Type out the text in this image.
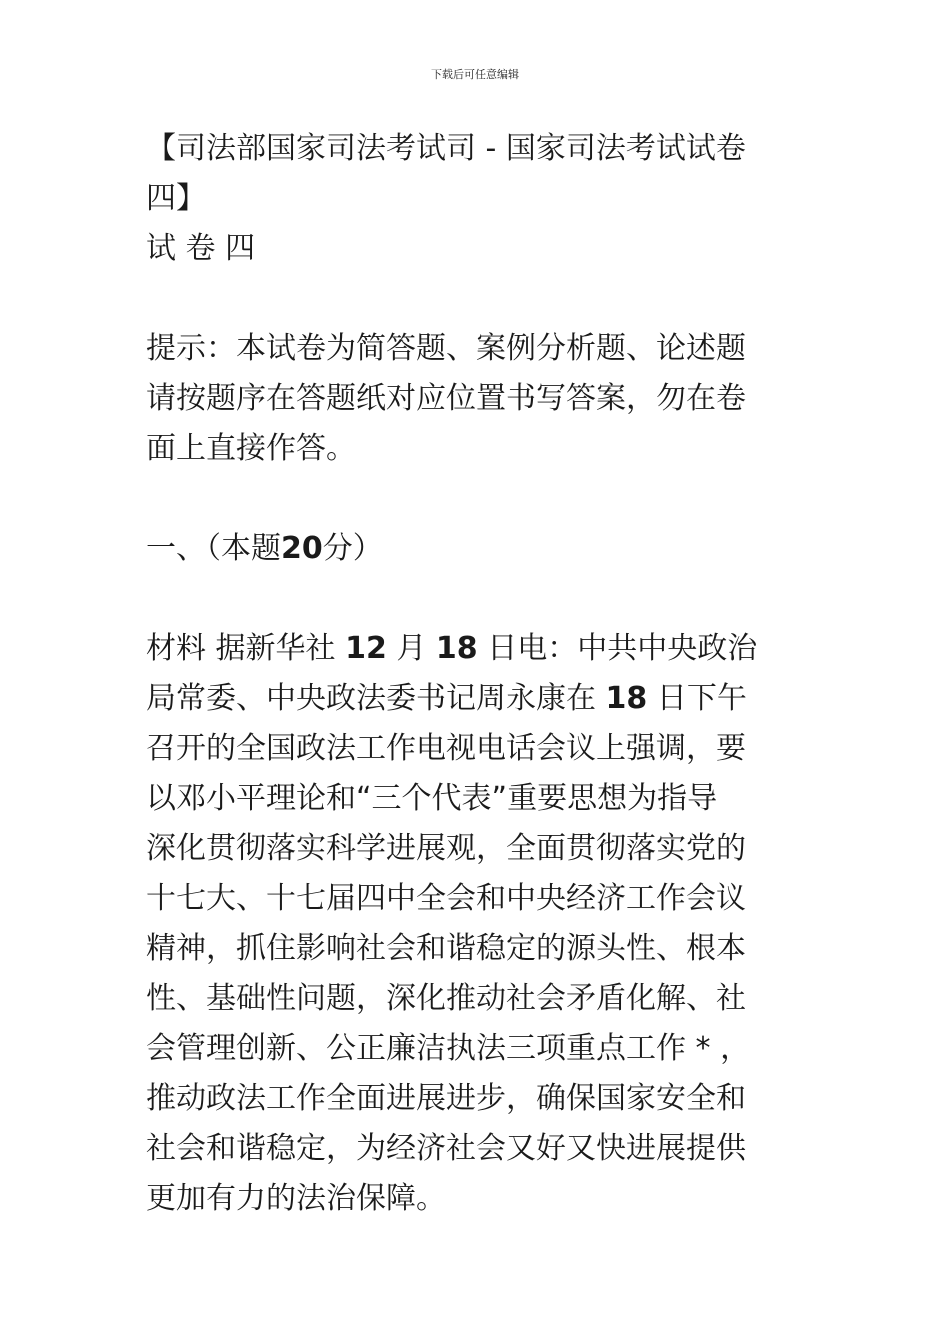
下载后可任意编辑
【司法部国家司法考试司 - 国家司法考试试卷
四】
试 卷 四
提示：本试卷为简答题、案例分析题、论述题
请按题序在答题纸对应位置书写答案，勿在卷
面上直接作答。
一、（本题20分）
材料 据新华社 12 月 18 日电：中共中央政治
局常委、中央政法委书记周永康在 18 日下午
召开的全国政法工作电视电话会议上强调，要
以邓小平理论和“三个代表”重要思想为指导
深化贯彻落实科学进展观，全面贯彻落实党的
十七大、十七届四中全会和中央经济工作会议
精神，抓住影响社会和谐稳定的源头性、根本
性、基础性问题，深化推动社会矛盾化解、社
会管理创新、公正廉洁执法三项重点工作 * ，
推动政法工作全面进展进步，确保国家安全和
社会和谐稳定，为经济社会又好又快进展提供
更加有力的法治保障。
